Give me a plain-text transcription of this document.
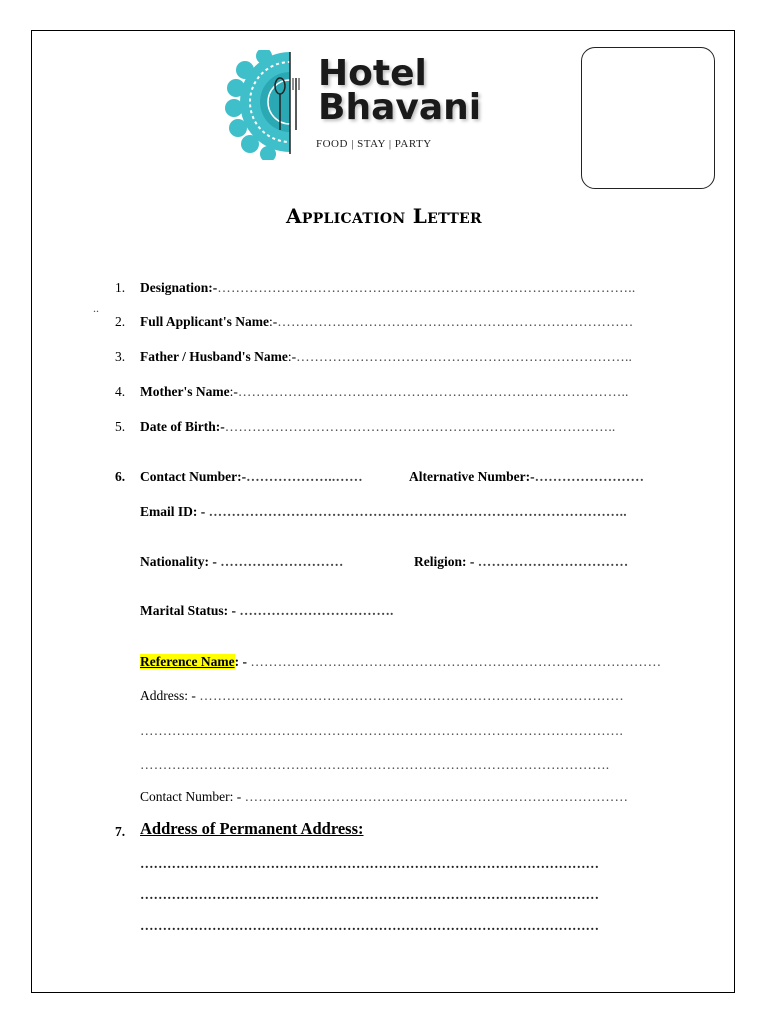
Hotel
Bhavani
FOOD | STAY | PARTY
Application Letter
..
1. Designation:-………………………………………………………………………………..
2. Full Applicant's Name:-……………………………………………………………………
3. Father / Husband's Name:-………………………………………………………………..
4. Mother's Name:-…………………………………………………………………………..
5. Date of Birth:-…………………………………………………………………………..
6. Contact Number:-………………..……	Alternative Number:-……………………
Email ID: - ………………………………………………………………………………..
Nationality: - ………………………	Religion: - ……………………………
Marital Status: - …………………………….
Reference Name: - ………………………………………………………………………………
Address: - …………………………………………………………………………………
…………………………………………………………………………………………….
………………………………………………………………………………………….
Contact Number: - …………………………………………………………………………
7. Address of Permanent Address:
…………………………………………………………………………………………
…………………………………………………………………………………………
…………………………………………………………………………………………
